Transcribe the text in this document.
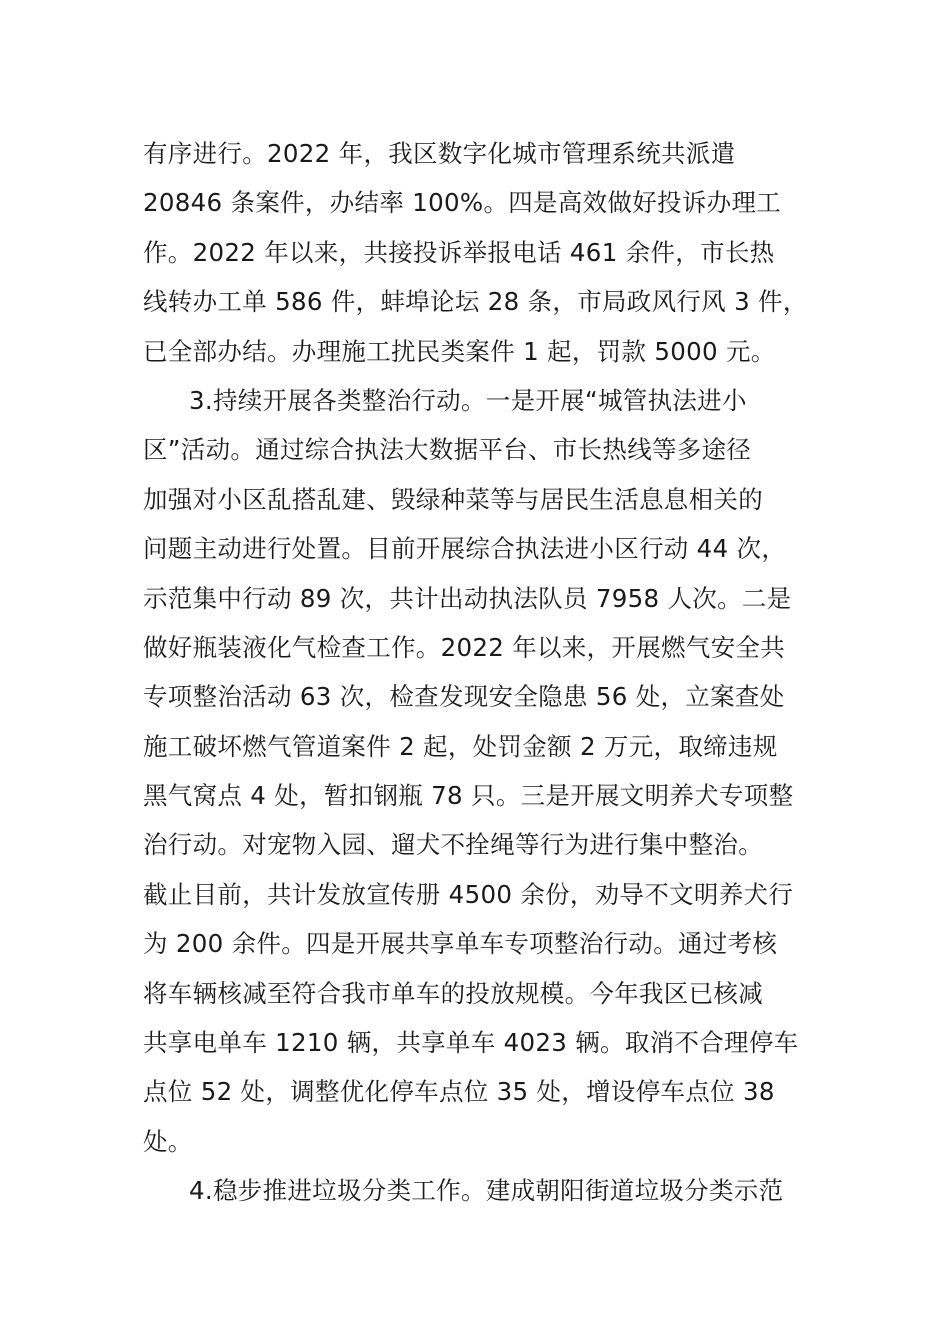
有序进行。2022 年，我区数字化城市管理系统共派遣
20846 条案件，办结率 100%。四是高效做好投诉办理工
作。2022 年以来，共接投诉举报电话 461 余件，市长热
线转办工单 586 件，蚌埠论坛 28 条，市局政风行风 3 件，
已全部办结。办理施工扰民类案件 1 起，罚款 5000 元。
3.持续开展各类整治行动。一是开展“城管执法进小
区”活动。通过综合执法大数据平台、市长热线等多途径
加强对小区乱搭乱建、毁绿种菜等与居民生活息息相关的
问题主动进行处置。目前开展综合执法进小区行动 44 次，
示范集中行动 89 次，共计出动执法队员 7958 人次。二是
做好瓶装液化气检查工作。2022 年以来，开展燃气安全共
专项整治活动 63 次，检查发现安全隐患 56 处，立案查处
施工破坏燃气管道案件 2 起，处罚金额 2 万元，取缔违规
黑气窝点 4 处，暂扣钢瓶 78 只。三是开展文明养犬专项整
治行动。对宠物入园、遛犬不拴绳等行为进行集中整治。
截止目前，共计发放宣传册 4500 余份，劝导不文明养犬行
为 200 余件。四是开展共享单车专项整治行动。通过考核
将车辆核减至符合我市单车的投放规模。今年我区已核减
共享电单车 1210 辆，共享单车 4023 辆。取消不合理停车
点位 52 处，调整优化停车点位 35 处，增设停车点位 38
处。
4.稳步推进垃圾分类工作。建成朝阳街道垃圾分类示范
